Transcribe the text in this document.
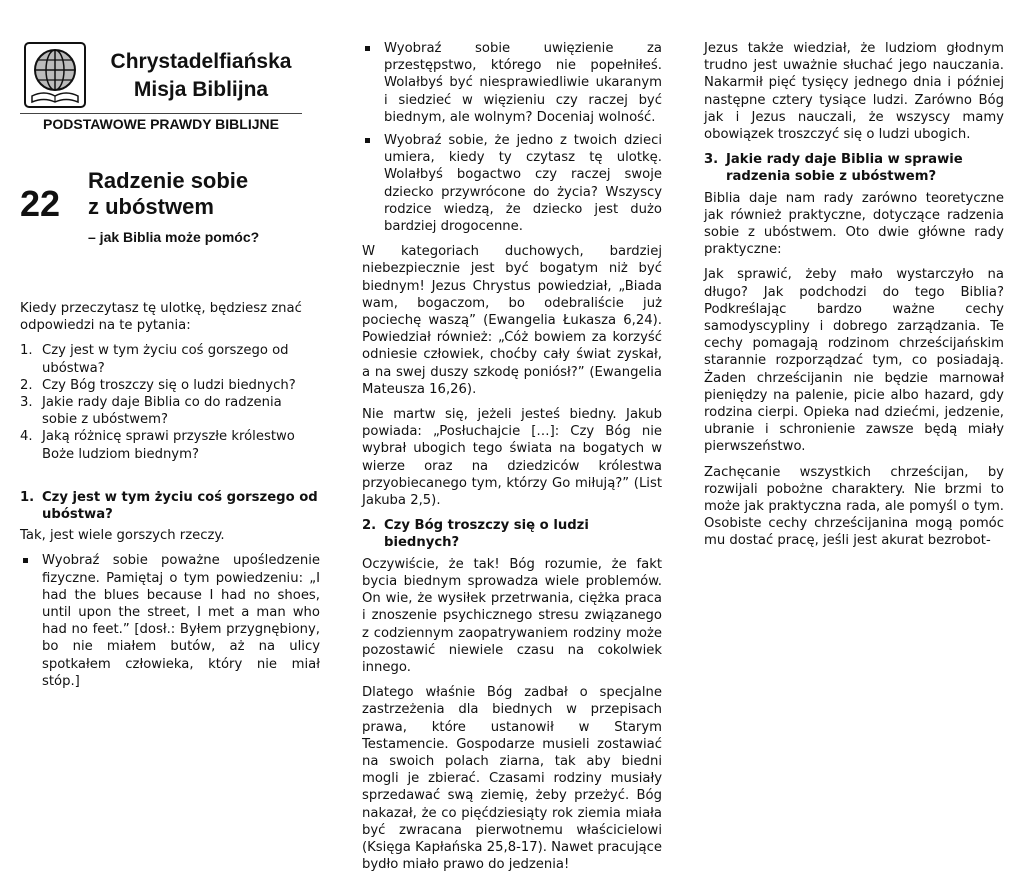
Chrystadelfiańska
Misja Biblijna
PODSTAWOWE PRAWDY BIBLIJNE
22
Radzenie sobie
z ubóstwem
– jak Biblia może pomóc?

Kiedy przeczytasz tę ulotkę, będziesz znać odpowiedzi na te pytania:

1. Czy jest w tym życiu coś gorszego od ubóstwa?
2. Czy Bóg troszczy się o ludzi biednych?
3. Jakie rady daje Biblia co do radzenia sobie z ubóstwem?
4. Jaką różnicę sprawi przyszłe królestwo Boże ludziom biednym?
1. Czy jest w tym życiu coś gorszego od ubóstwa?

Tak, jest wiele gorszych rzeczy.

Wyobraź sobie poważne upośledzenie fizyczne. Pamiętaj o tym powiedzeniu: „I had the blues because I had no shoes, until upon the street, I met a man who had no feet.” [dosł.: Byłem przygnębiony, bo nie miałem butów, aż na ulicy spotkałem człowieka, który nie miał stóp.]
Wyobraź sobie uwięzienie za przestępstwo, którego nie popełniłeś. Wolałbyś być niesprawiedliwie ukaranym i siedzieć w więzieniu czy raczej być biednym, ale wolnym? Doceniaj wolność.
Wyobraź sobie, że jedno z twoich dzieci umiera, kiedy ty czytasz tę ulotkę. Wolałbyś bogactwo czy raczej swoje dziecko przywrócone do życia? Wszyscy rodzice wiedzą, że dziecko jest dużo bardziej drogocenne.

W kategoriach duchowych, bardziej niebezpiecznie jest być bogatym niż być biednym! Jezus Chrystus powiedział, „Biada wam, bogaczom, bo odebraliście już pociechę waszą” (Ewangelia Łukasza 6,24). Powiedział również: „Cóż bowiem za korzyść odniesie człowiek, choćby cały świat zyskał, a na swej duszy szkodę poniósł?” (Ewangelia Mateusza 16,26).

Nie martw się, jeżeli jesteś biedny. Jakub powiada: „Posłuchajcie […]: Czy Bóg nie wybrał ubogich tego świata na bogatych w wierze oraz na dziedziców królestwa przyobiecanego tym, którzy Go miłują?” (List Jakuba 2,5).

2. Czy Bóg troszczy się o ludzi biednych?

Oczywiście, że tak! Bóg rozumie, że fakt bycia biednym sprowadza wiele problemów. On wie, że wysiłek przetrwania, ciężka praca i znoszenie psychicznego stresu związanego z codziennym zaopatrywaniem rodziny może pozostawić niewiele czasu na cokolwiek innego.

Dlatego właśnie Bóg zadbał o specjalne zastrzeżenia dla biednych w przepisach prawa, które ustanowił w Starym Testamencie. Gospodarze musieli zostawiać na swoich polach ziarna, tak aby biedni mogli je zbierać. Czasami rodziny musiały sprzedawać swą ziemię, żeby przeżyć. Bóg nakazał, że co pięćdziesiąty rok ziemia miała być zwracana pierwotnemu właścicielowi (Księga Kapłańska 25,8-17). Nawet pracujące bydło miało prawo do jedzenia!

Jezus także wiedział, że ludziom głodnym trudno jest uważnie słuchać jego nauczania. Nakarmił pięć tysięcy jednego dnia i później następne cztery tysiące ludzi. Zarówno Bóg jak i Jezus nauczali, że wszyscy mamy obowiązek troszczyć się o ludzi ubogich.

3. Jakie rady daje Biblia w sprawie radzenia sobie z ubóstwem?

Biblia daje nam rady zarówno teoretyczne jak również praktyczne, dotyczące radzenia sobie z ubóstwem. Oto dwie główne rady praktyczne:

Jak sprawić, żeby mało wystarczyło na długo? Jak podchodzi do tego Biblia? Podkreślając bardzo ważne cechy samodyscypliny i dobrego zarządzania. Te cechy pomagają rodzinom chrześcijańskim starannie rozporządzać tym, co posiadają. Żaden chrześcijanin nie będzie marnował pieniędzy na palenie, picie albo hazard, gdy rodzina cierpi. Opieka nad dziećmi, jedzenie, ubranie i schronienie zawsze będą miały pierwszeństwo.

Zachęcanie wszystkich chrześcijan, by rozwijali pobożne charaktery. Nie brzmi to może jak praktyczna rada, ale pomyśl o tym. Osobiste cechy chrześcijanina mogą pomóc mu dostać pracę, jeśli jest akurat bezrobot-
